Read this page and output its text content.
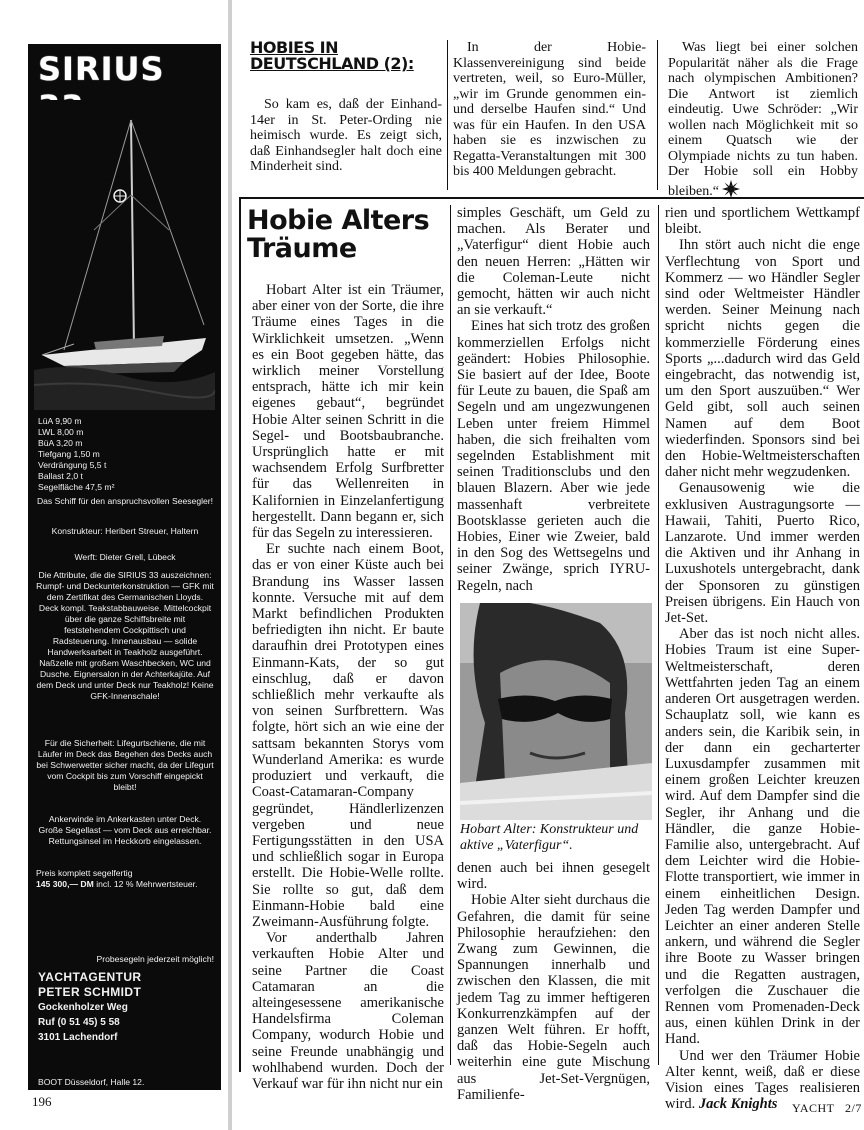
SIRIUS
LüA 9,90 m
LWL 8,00 m
BüA 3,20 m
Tiefgang 1,50 m
Verdrängung 5,5 t
Ballast 2,0 t
Segelfläche 47,5 m²
Das Schiff für den anspruchsvollen Seesegler!
Konstrukteur: Heribert Streuer, Haltern
Werft: Dieter Grell, Lübeck
Die Attribute, die die SIRIUS 33 auszeichnen: Rumpf- und Deckunterkonstruktion — GFK mit dem Zertifikat des Germanischen Lloyds. Deck kompl. Teakstabbauweise. Mittelcockpit über die ganze Schiffsbreite mit feststehendem Cockpittisch und Radsteuerung. Innenausbau — solide Handwerksarbeit in Teakholz ausgeführt. Naßzelle mit großem Waschbecken, WC und Dusche. Eignersalon in der Achterkajüte. Auf dem Deck und unter Deck nur Teakholz! Keine GFK-Innenschale!
Für die Sicherheit: Lifegurtschiene, die mit Läufer im Deck das Begehen des Decks auch bei Schwerwetter sicher macht, da der Lifegurt vom Cockpit bis zum Vorschiff eingepickt bleibt!
Ankerwinde im Ankerkasten unter Deck. Große Segellast — vom Deck aus erreichbar. Rettungsinsel im Heckkorb eingelassen.
Preis komplett segelfertig
145 300,— DM incl. 12 % Mehrwertsteuer.
Probesegeln jederzeit möglich!
YACHTAGENTUR
PETER SCHMIDT
Gockenholzer Weg
Ruf (0 51 45) 5 58
3101 Lachendorf
BOOT Düsseldorf, Halle 12.
HOBIES IN DEUTSCHLAND (2):

So kam es, daß der Einhand-14er in St. Peter-Ording nie heimisch wurde. Es zeigt sich, daß Einhandsegler halt doch eine Minderheit sind.

In der Hobie-Klassenvereinigung sind beide vertreten, weil, so Euro-Müller, „wir im Grunde genommen ein- und derselbe Haufen sind.“ Und was für ein Haufen. In den USA haben sie es inzwischen zu Regatta-Veranstaltungen mit 300 bis 400 Meldungen gebracht.

Was liegt bei einer solchen Popularität näher als die Frage nach olympischen Ambitionen? Die Antwort ist ziemlich eindeutig. Uwe Schröder: „Wir wollen nach Möglichkeit mit so einem Quatsch wie der Olympiade nichts zu tun haben. Der Hobie soll ein Hobby bleiben.“

Hobie Alters Träume

Hobart Alter ist ein Träumer, aber einer von der Sorte, die ihre Träume eines Tages in die Wirklichkeit umsetzen. „Wenn es ein Boot gegeben hätte, das wirklich meiner Vorstellung entsprach, hätte ich mir kein eigenes gebaut“, begründet Hobie Alter seinen Schritt in die Segel- und Bootsbaubranche. Ursprünglich hatte er mit wachsendem Erfolg Surfbretter für das Wellenreiten in Kalifornien in Einzelanfertigung hergestellt. Dann begann er, sich für das Segeln zu interessieren.

Er suchte nach einem Boot, das er von einer Küste auch bei Brandung ins Wasser lassen konnte. Versuche mit auf dem Markt befindlichen Produkten befriedigten ihn nicht. Er baute daraufhin drei Prototypen eines Einmann-Kats, der so gut einschlug, daß er davon schließlich mehr verkaufte als von seinen Surfbrettern. Was folgte, hört sich an wie eine der sattsam bekannten Storys vom Wunderland Amerika: es wurde produziert und verkauft, die Coast-Catamaran-Company gegründet, Händlerlizenzen vergeben und neue Fertigungsstätten in den USA und schließlich sogar in Europa erstellt. Die Hobie-Welle rollte. Sie rollte so gut, daß dem Einmann-Hobie bald eine Zweimann-Ausführung folgte.

Vor anderthalb Jahren verkauften Hobie Alter und seine Partner die Coast Catamaran an die alteingesessene amerikanische Handelsfirma Coleman Company, wodurch Hobie und seine Freunde unabhängig und wohlhabend wurden. Doch der Verkauf war für ihn nicht nur ein

simples Geschäft, um Geld zu machen. Als Berater und „Vaterfigur“ dient Hobie auch den neuen Herren: „Hätten wir die Coleman-Leute nicht gemocht, hätten wir auch nicht an sie verkauft.“

Eines hat sich trotz des großen kommerziellen Erfolgs nicht geändert: Hobies Philosophie. Sie basiert auf der Idee, Boote für Leute zu bauen, die Spaß am Segeln und am ungezwungenen Leben unter freiem Himmel haben, die sich freihalten vom segelnden Establishment mit seinen Traditionsclubs und den blauen Blazern. Aber wie jede massenhaft verbreitete Bootsklasse gerieten auch die Hobies, Einer wie Zweier, bald in den Sog des Wettsegelns und seiner Zwänge, sprich IYRU-Regeln, nach

Hobart Alter: Konstrukteur und aktive „Vaterfigur“.

denen auch bei ihnen gesegelt wird.

Hobie Alter sieht durchaus die Gefahren, die damit für seine Philosophie heraufziehen: den Zwang zum Gewinnen, die Spannungen innerhalb und zwischen den Klassen, die mit jedem Tag zu immer heftigeren Konkurrenzkämpfen auf der ganzen Welt führen. Er hofft, daß das Hobie-Segeln auch weiterhin eine gute Mischung aus Jet-Set-Vergnügen, Familienfe-

rien und sportlichem Wettkampf bleibt.

Ihn stört auch nicht die enge Verflechtung von Sport und Kommerz — wo Händler Segler sind oder Weltmeister Händler werden. Seiner Meinung nach spricht nichts gegen die kommerzielle Förderung eines Sports „...dadurch wird das Geld eingebracht, das notwendig ist, um den Sport auszuüben.“ Wer Geld gibt, soll auch seinen Namen auf dem Boot wiederfinden. Sponsors sind bei den Hobie-Weltmeisterschaften daher nicht mehr wegzudenken.

Genausowenig wie die exklusiven Austragungsorte — Hawaii, Tahiti, Puerto Rico, Lanzarote. Und immer werden die Aktiven und ihr Anhang in Luxushotels untergebracht, dank der Sponsoren zu günstigen Preisen übrigens. Ein Hauch von Jet-Set.

Aber das ist noch nicht alles. Hobies Traum ist eine Super-Weltmeisterschaft, deren Wettfahrten jeden Tag an einem anderen Ort ausgetragen werden. Schauplatz soll, wie kann es anders sein, die Karibik sein, in der dann ein gecharterter Luxusdampfer zusammen mit einem großen Leichter kreuzen wird. Auf dem Dampfer sind die Segler, ihr Anhang und die Händler, die ganze Hobie-Familie also, untergebracht. Auf dem Leichter wird die Hobie-Flotte transportiert, wie immer in einem einheitlichen Design. Jeden Tag werden Dampfer und Leichter an einer anderen Stelle ankern, und während die Segler ihre Boote zu Wasser bringen und die Regatten austragen, verfolgen die Zuschauer die Rennen vom Promenaden-Deck aus, einen kühlen Drink in der Hand.

Und wer den Träumer Hobie Alter kennt, weiß, daß er diese Vision eines Tages realisieren wird. Jack Knights

196	YACHT 2/7
